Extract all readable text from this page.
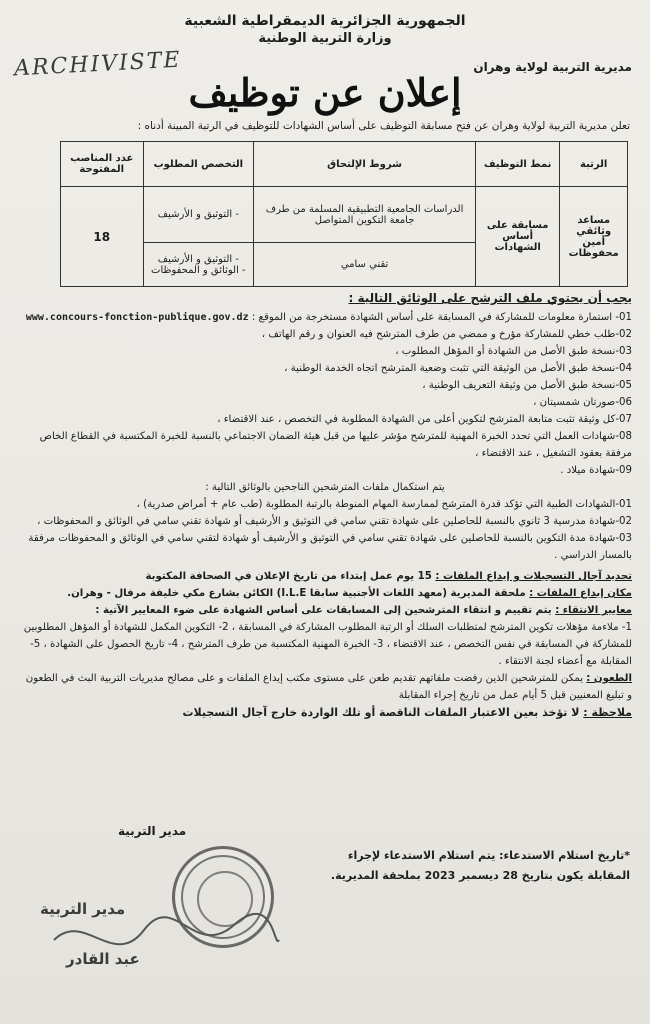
الجمهورية الجزائرية الديمقراطية الشعبية
وزارة التربية الوطنية
ARCHIVISTE	مديرية التربية لولاية وهران
إعلان عن توظيف
تعلن مديرية التربية لولاية وهران عن فتح مسابقة التوظيف على أساس الشهادات للتوظيف في الرتبة المبينة أدناه :
الرتبة	نمط التوظيف	شروط الإلتحاق	التخصص المطلوب	عدد المناصب المفتوحة
مساعد وثائقي أمين محفوظات	مسابقة على أساس الشهادات	الدراسات الجامعية التطبيقية المسلمة من طرف جامعة التكوين المتواصل	- التوثيق و الأرشيف	18
		تقني سامي	- التوثيق و الأرشيف
- الوثائق و المحفوظات	

يجب أن يحتوي ملف الترشح على الوثائق التالية :

01- استمارة معلومات للمشاركة في المسابقة على أساس الشهادة مستخرجة من الموقع : www.concours-fonction-publique.gov.dz

02-طلب خطي للمشاركة مؤرخ و ممضي من طرف المترشح فيه العنوان و رقم الهاتف ،

03-نسخة طبق الأصل من الشهادة أو المؤهل المطلوب ،

04-نسخة طبق الأصل من الوثيقة التي تثبت وضعية المترشح اتجاه الخدمة الوطنية ،

05-نسخة طبق الأصل من وثيقة التعريف الوطنية ،

06-صورتان شمسيتان ،

07-كل وثيقة تثبت متابعة المترشح لتكوين أعلى من الشهادة المطلوبة في التخصص ، عند الاقتضاء ،

08-شهادات العمل التي تحدد الخبرة المهنية للمترشح مؤشر عليها من قبل هيئة الضمان الاجتماعي بالنسبة للخبرة المكتسبة في القطاع الخاص مرفقة بعقود التشغيل ، عند الاقتضاء ،

09-شهادة ميلاد .

يتم استكمال ملفات المترشحين الناجحين بالوثائق التالية :

01-الشهادات الطبية التي تؤكد قدرة المترشح لممارسة المهام المنوطة بالرتبة المطلوبة (طب عام + أمراض صدرية) ،

02-شهادة مدرسية 3 ثانوي بالنسبة للحاصلين على شهادة تقني سامي في التوثيق و الأرشيف أو شهادة تقني سامي في الوثائق و المحفوظات ،

03-شهادة مدة التكوين بالنسبة للحاصلين على شهادة تقني سامي في التوثيق و الأرشيف أو شهادة لتقني سامي في الوثائق و المحفوظات مرفقة بالمسار الدراسي .

تحديد آجال التسجيلات و إيداع الملفات : 15 يوم عمل إبتداء من تاريخ الإعلان في الصحافة المكتوبة

مكان إيداع الملفات : ملحقة المديرية (معهد اللغات الأجنبية سابقا I.L.E) الكائن بشارع مكي خليفة مرفال - وهران.

معايير الانتقاء : يتم تقييم و انتقاء المترشحين إلى المسابقات على أساس الشهادة على ضوء المعايير الآتية :

1- ملاءمة مؤهلات تكوين المترشح لمتطلبات السلك أو الرتبة المطلوب المشاركة في المسابقة ، 2- التكوين المكمل للشهادة أو المؤهل المطلوبين للمشاركة في المسابقة في نفس التخصص ، عند الاقتضاء ، 3- الخبرة المهنية المكتسبة من طرف المترشح ، 4- تاريخ الحصول على الشهادة ، 5- المقابلة مع أعضاء لجنة الانتقاء .

الطعون : يمكن للمترشحين الذين رفضت ملفاتهم تقديم طعن على مستوى مكتب إيداع الملفات و على مصالح مديريات التربية البث في الطعون و تبليغ المعنيين قبل 5 أيام عمل من تاريخ إجراء المقابلة

ملاحظة : لا تؤخذ بعين الاعتبار الملفات الناقصة أو تلك الواردة خارج آجال التسجيلات

مدير التربية
مدير التربية
عبد القادر
*تاريخ استلام الاستدعاء: يتم استلام الاستدعاء لإجراء
المقابلة يكون بتاريخ 28 ديسمبر 2023 بملحقة المديرية.
